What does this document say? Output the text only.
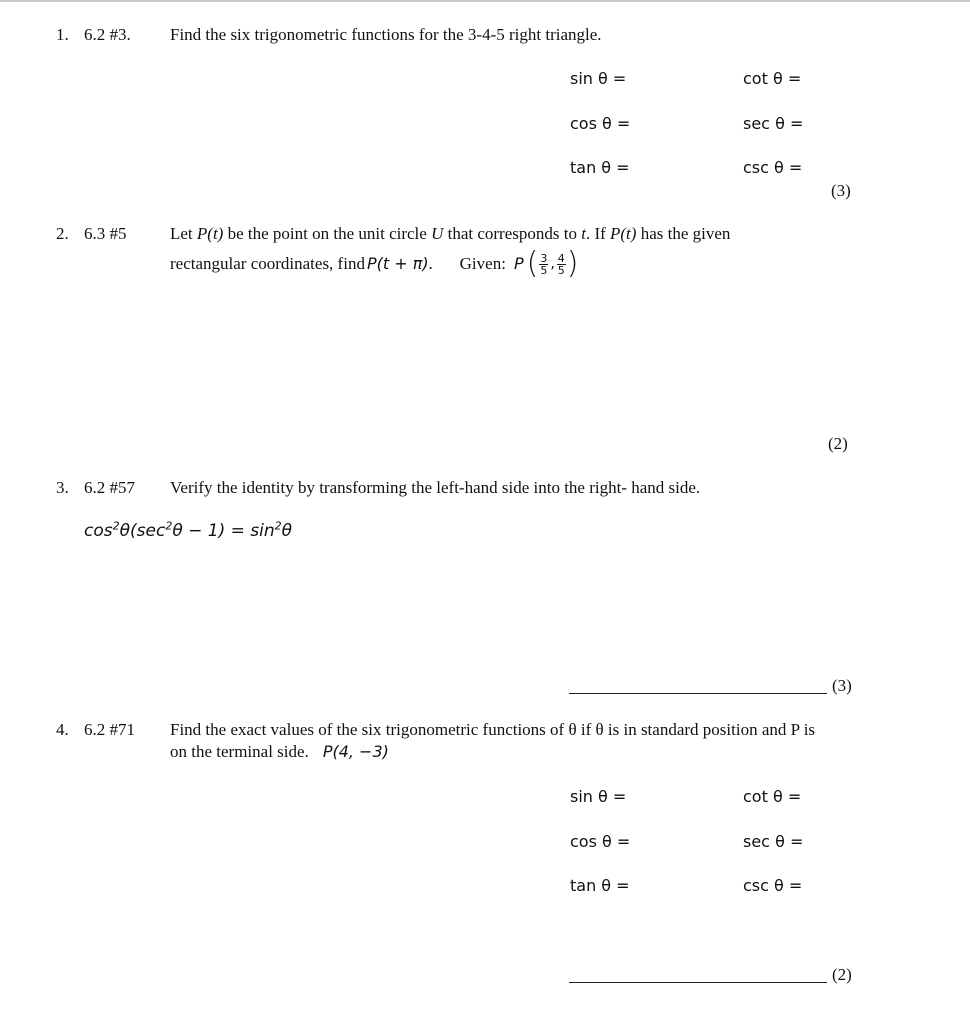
1. 6.2 #3. Find the six trigonometric functions for the 3-4-5 right triangle.
sin θ =
cos θ =
tan θ =
cot θ =
sec θ =
csc θ =
(3)
2. 6.3 #5	Let P(t) be the point on the unit circle U that corresponds to t. If P(t) has the given
rectangular coordinates, find P(t + π). Given: P ( $\frac{3}{5}$ , $\frac{4}{5}$ )
(2)
3. 6.2 #57 Verify the identity by transforming the left-hand side into the right- hand side.
$\cos^2\theta(\sec^2\theta - 1) = \sin^2\theta$
(3)
4. 6.2 #71 Find the exact values of the six trigonometric functions of θ if θ is in standard position and P is
on the terminal side. P(4, −3)
sin θ =
cos θ =
tan θ =
cot θ =
sec θ =
csc θ =
(2)
